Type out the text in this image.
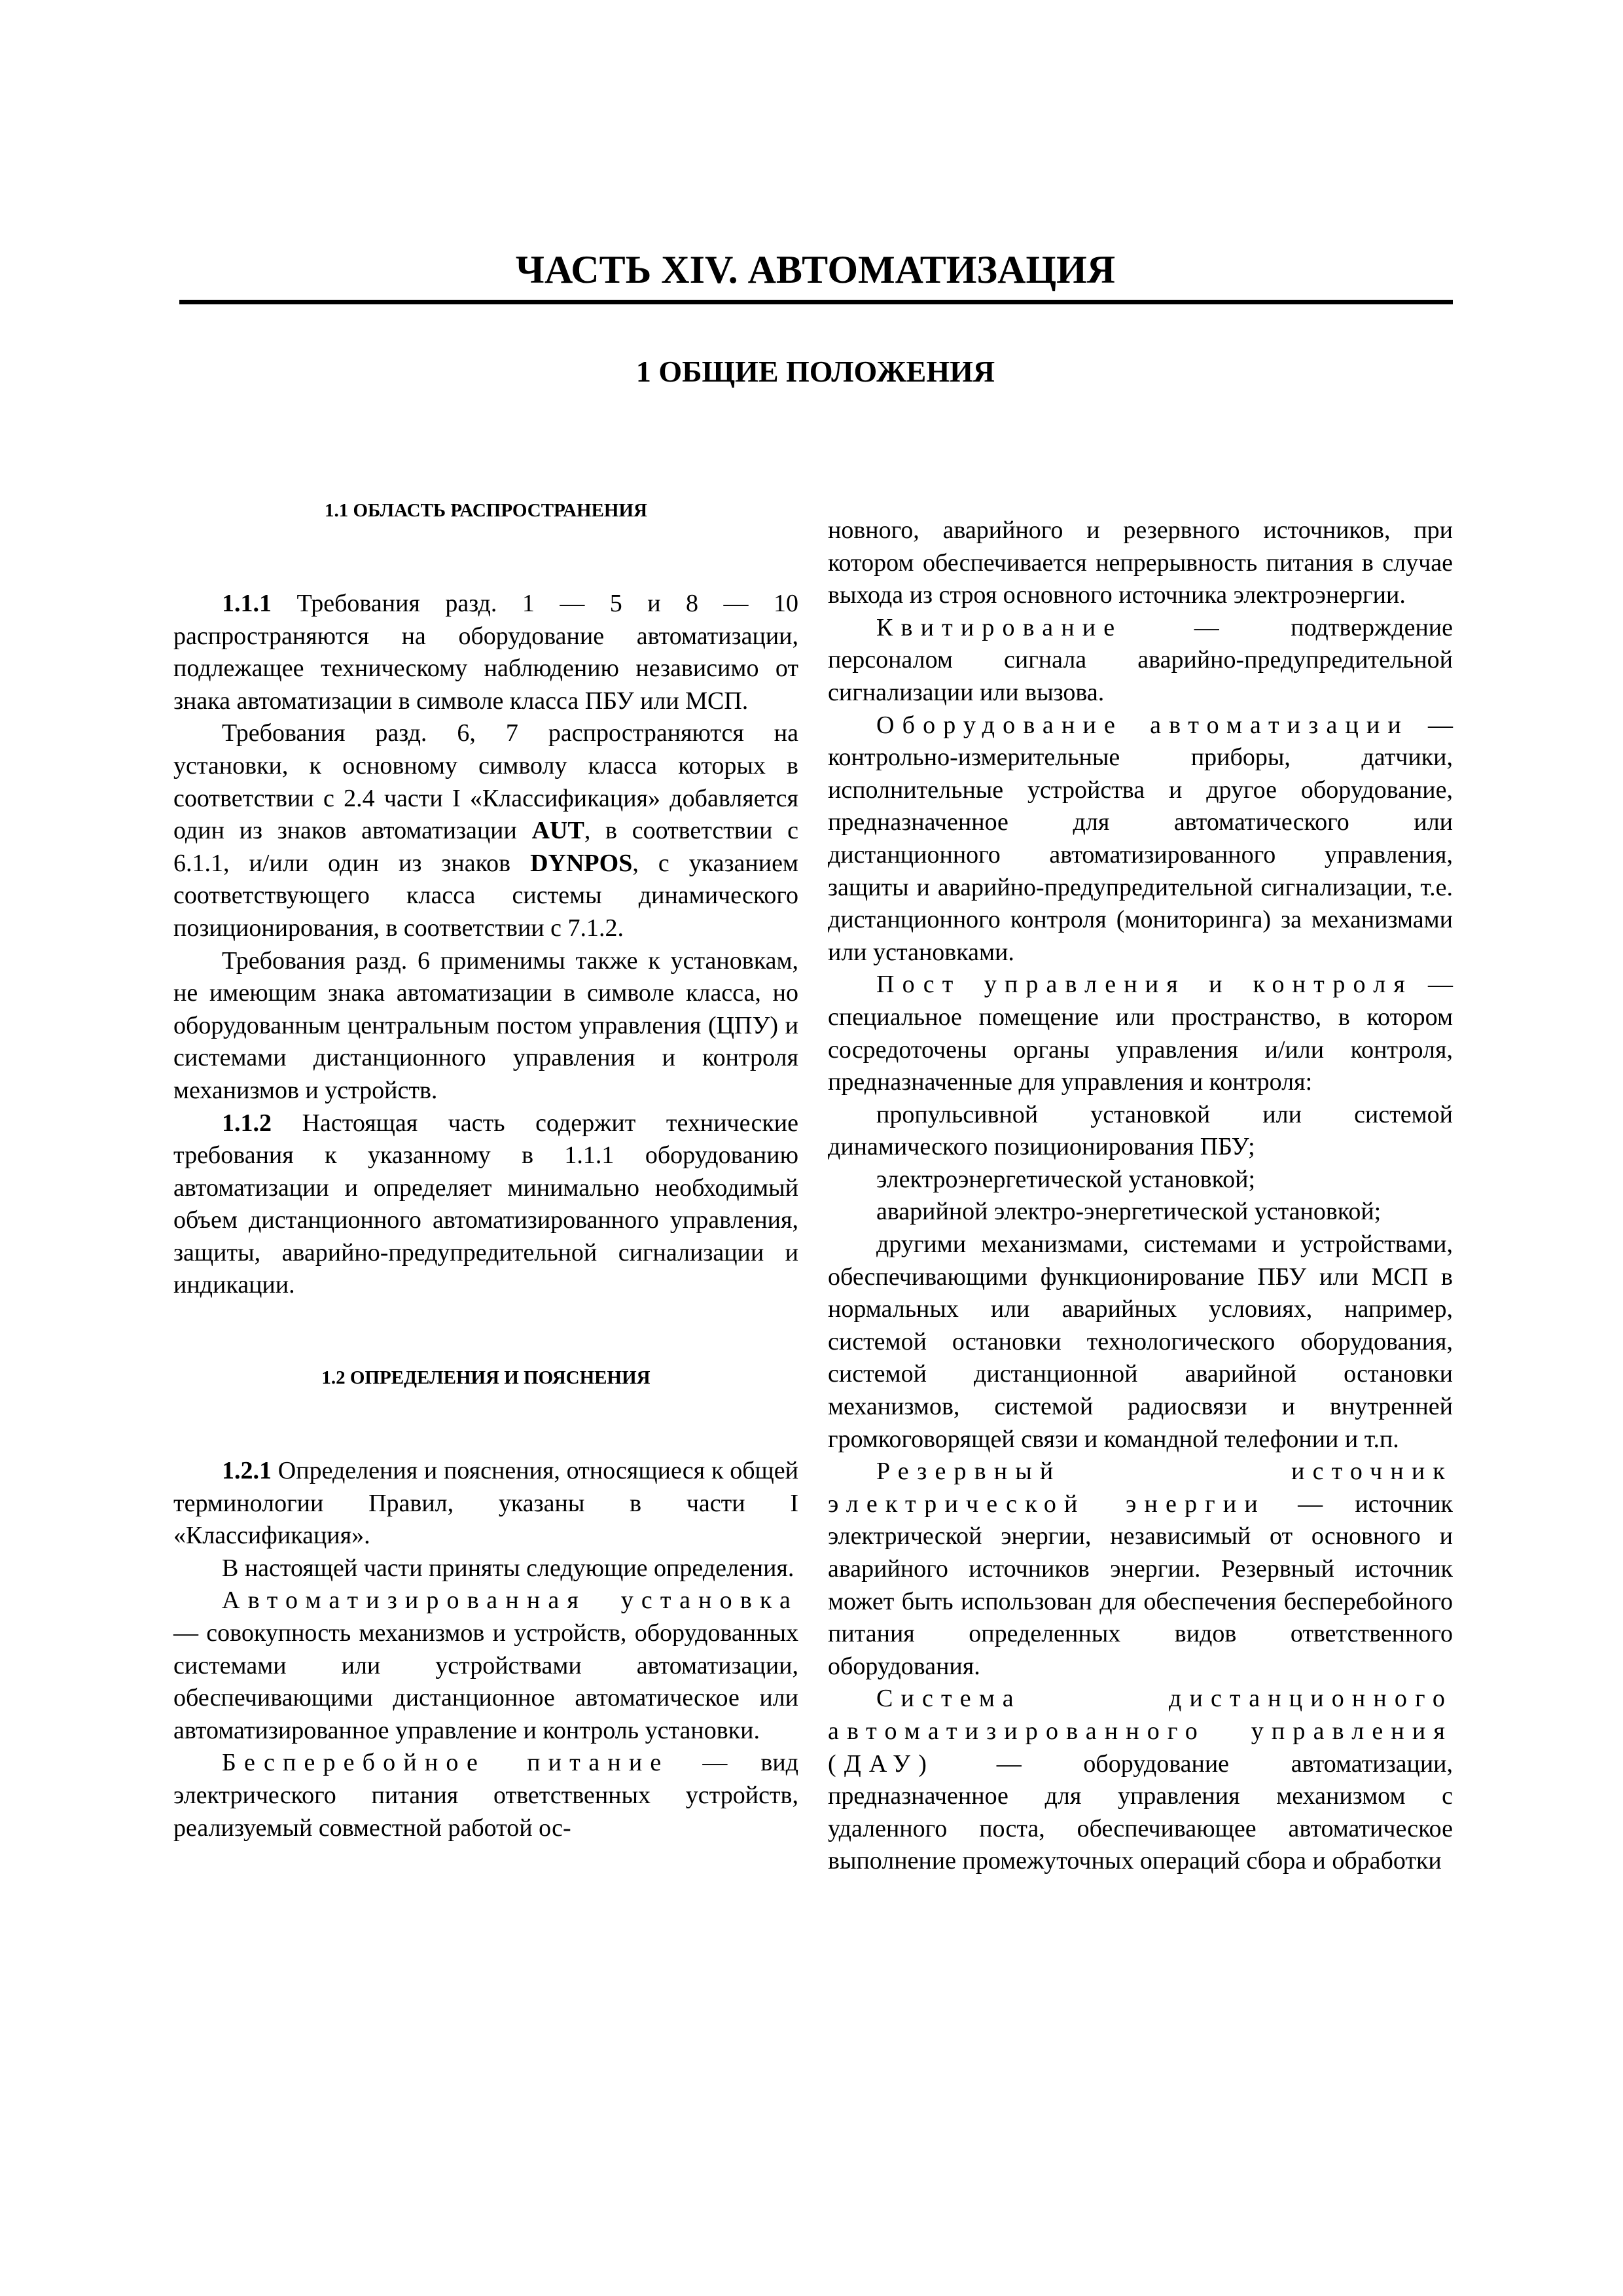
ЧАСТЬ XIV. АВТОМАТИЗАЦИЯ
1 ОБЩИЕ ПОЛОЖЕНИЯ
1.1 ОБЛАСТЬ РАСПРОСТРАНЕНИЯ

1.1.1 Требования разд. 1 — 5 и 8 — 10 распространяются на оборудование автоматизации, подлежащее техническому наблюдению независимо от знака автоматизации в символе класса ПБУ или МСП.

Требования разд. 6, 7 распространяются на установки, к основному символу класса которых в соответствии с 2.4 части I «Классификация» добавляется один из знаков автоматизации AUT, в соответствии с 6.1.1, и/или один из знаков DYNPOS, с указанием соответствующего класса системы динамического позиционирования, в соответствии с 7.1.2.

Требования разд. 6 применимы также к установкам, не имеющим знака автоматизации в символе класса, но оборудованным центральным постом управления (ЦПУ) и системами дистанционного управления и контроля механизмов и устройств.

1.1.2 Настоящая часть содержит технические требования к указанному в 1.1.1 оборудованию автоматизации и определяет минимально необходимый объем дистанционного автоматизированного управления, защиты, аварийно-предупредительной сигнализации и индикации.

1.2 ОПРЕДЕЛЕНИЯ И ПОЯСНЕНИЯ

1.2.1 Определения и пояснения, относящиеся к общей терминологии Правил, указаны в части I «Классификация».

В настоящей части приняты следующие определения.

Автоматизированная установка — совокупность механизмов и устройств, оборудованных системами или устройствами автоматизации, обеспечивающими дистанционное автоматическое или автоматизированное управление и контроль установки.

Бесперебойное питание — вид электрического питания ответственных устройств, реализуемый совместной работой ос-

новного, аварийного и резервного источников, при котором обеспечивается непрерывность питания в случае выхода из строя основного источника электроэнергии.

Квитирование — подтверждение персоналом сигнала аварийно-предупредительной сигнализации или вызова.

Оборудование автоматизации — контрольно-измерительные приборы, датчики, исполнительные устройства и другое оборудование, предназначенное для автоматического или дистанционного автоматизированного управления, защиты и аварийно-предупредительной сигнализации, т.е. дистанционного контроля (мониторинга) за механизмами или установками.

Пост управления и контроля — специальное помещение или пространство, в котором сосредоточены органы управления и/или контроля, предназначенные для управления и контроля:

пропульсивной установкой или системой динамического позиционирования ПБУ;

электроэнергетической установкой;

аварийной электро-энергетической установкой;

другими механизмами, системами и устройствами, обеспечивающими функционирование ПБУ или МСП в нормальных или аварийных условиях, например, системой остановки технологического оборудования, системой дистанционной аварийной остановки механизмов, системой радиосвязи и внутренней громкоговорящей связи и командной телефонии и т.п.

Резервный источник электрической энергии — источник электрической энергии, независимый от основного и аварийного источников энергии. Резервный источник может быть использован для обеспечения бесперебойного питания определенных видов ответственного оборудования.

Система дистанционного автоматизированного управления (ДАУ) — оборудование автоматизации, предназначенное для управления механизмом с удаленного поста, обеспечивающее автоматическое выполнение промежуточных операций сбора и обработки
